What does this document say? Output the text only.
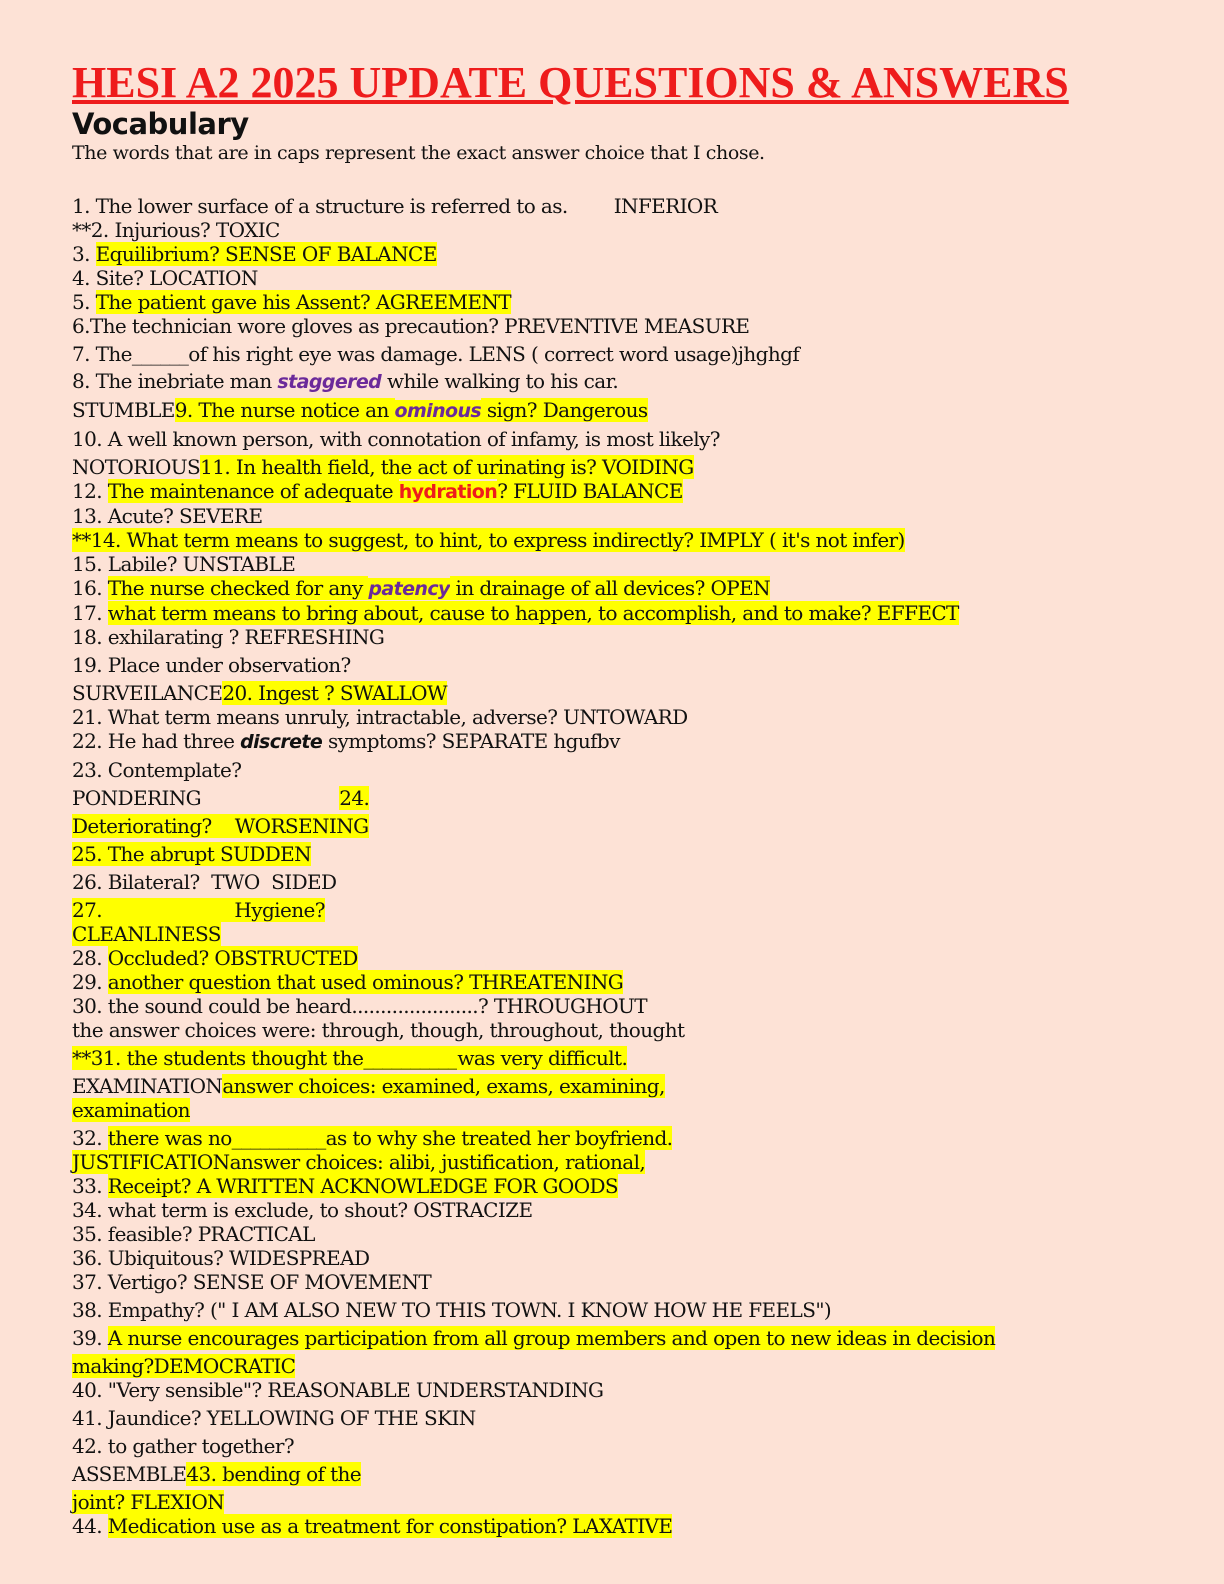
HESI A2 2025 UPDATE QUESTIONS & ANSWERS
Vocabulary

The words that are in caps represent the exact answer choice that I chose.

1. The lower surface of a structure is referred to as.        INFERIOR
**2. Injurious? TOXIC
3. Equilibrium? SENSE OF BALANCE
4. Site? LOCATION
5. The patient gave his Assent? AGREEMENT
6.The technician wore gloves as precaution? PREVENTIVE MEASURE
7. The______of his right eye was damage. LENS ( correct word usage)jhghgf
8. The inebriate man staggered while walking to his car.
STUMBLE9. The nurse notice an ominous sign? Dangerous
10. A well known person, with connotation of infamy, is most likely?
NOTORIOUS11. In health field, the act of urinating is? VOIDING
12. The maintenance of adequate hydration? FLUID BALANCE
13. Acute? SEVERE
**14. What term means to suggest, to hint, to express indirectly? IMPLY ( it's not infer)
15. Labile? UNSTABLE
16. The nurse checked for any patency in drainage of all devices? OPEN
17. what term means to bring about, cause to happen, to accomplish, and to make? EFFECT
18. exhilarating ? REFRESHING
19. Place under observation?
SURVEILANCE20. Ingest ? SWALLOW
21. What term means unruly, intractable, adverse? UNTOWARD
22. He had three discrete symptoms? SEPARATE hgufbv
23. Contemplate?
PONDERING                        24.
Deteriorating?    WORSENING
25. The abrupt SUDDEN
26. Bilateral?  TWO  SIDED
27.                       Hygiene?
CLEANLINESS
28. Occluded? OBSTRUCTED
29. another question that used ominous? THREATENING
30. the sound could be heard......................? THROUGHOUT
the answer choices were: through, though, throughout, thought
**31. the students thought the__________was very difficult.
EXAMINATIONanswer choices: examined, exams, examining,
examination
32. there was no__________as to why she treated her boyfriend.
JUSTIFICATIONanswer choices: alibi, justification, rational,
33. Receipt? A WRITTEN ACKNOWLEDGE FOR GOODS
34. what term is exclude, to shout? OSTRACIZE
35. feasible? PRACTICAL
36. Ubiquitous? WIDESPREAD
37. Vertigo? SENSE OF MOVEMENT
38. Empathy? (" I AM ALSO NEW TO THIS TOWN. I KNOW HOW HE FEELS")
39. A nurse encourages participation from all group members and open to new ideas in decision
making?DEMOCRATIC
40. "Very sensible"? REASONABLE UNDERSTANDING
41. Jaundice? YELLOWING OF THE SKIN
42. to gather together?
ASSEMBLE43. bending of the
joint? FLEXION
44. Medication use as a treatment for constipation? LAXATIVE
